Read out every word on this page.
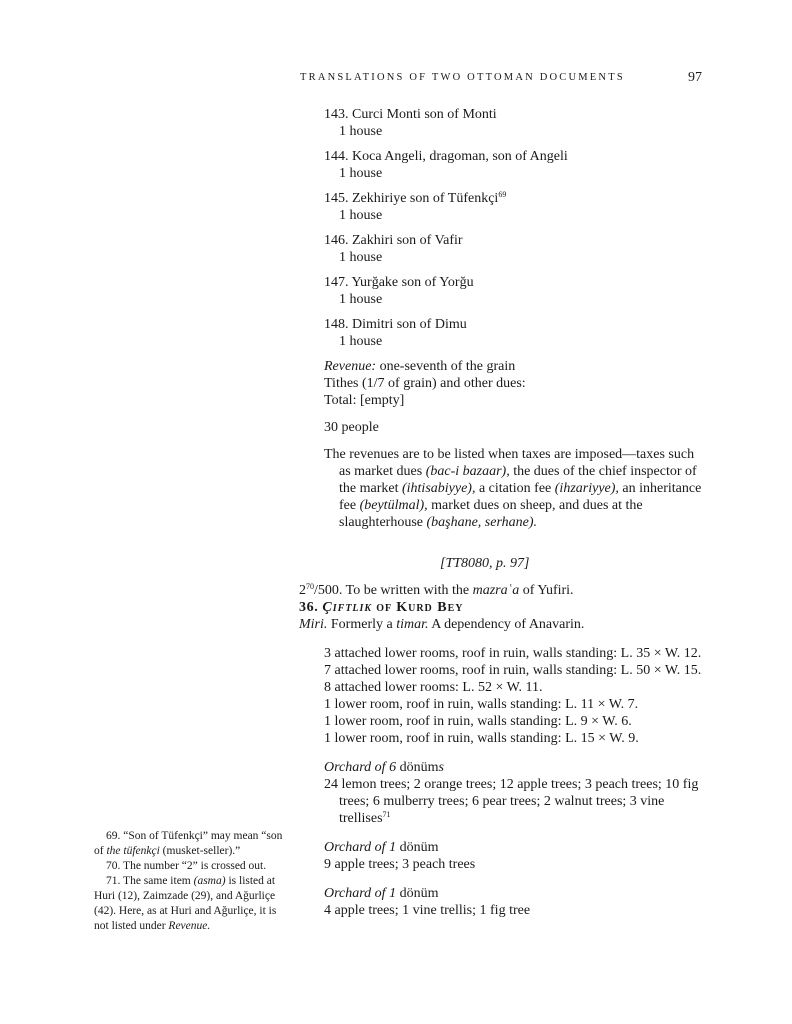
TRANSLATIONS OF TWO OTTOMAN DOCUMENTS	97
143. Curci Monti son of Monti
1 house
144. Koca Angeli, dragoman, son of Angeli
1 house
145. Zekhiriye son of Tüfenkçi$^{69}$
1 house
146. Zakhiri son of Vafir
1 house
147. Yurğake son of Yorğu
1 house
148. Dimitri son of Dimu
1 house
Revenue: one-seventh of the grain
Tithes (1/7 of grain) and other dues:
Total: [empty]
30 people

The revenues are to be listed when taxes are imposed—taxes such as market dues (bac-i bazaar), the dues of the chief inspector of the market (ihtisabiyye), a citation fee (ihzariyye), an inheritance fee (beytülmal), market dues on sheep, and dues at the slaughterhouse (başhane, serhane).

[TT8080, p. 97]
$2^{70}/500$. To be written with the mazraʿa of Yufiri.
36. Çiftlik of Kurd Bey
Miri. Formerly a timar. A dependency of Anavarin.

3 attached lower rooms, roof in ruin, walls standing: L. 35 × W. 12.

7 attached lower rooms, roof in ruin, walls standing: L. 50 × W. 15.

8 attached lower rooms: L. 52 × W. 11.

1 lower room, roof in ruin, walls standing: L. 11 × W. 7.

1 lower room, roof in ruin, walls standing: L. 9 × W. 6.

1 lower room, roof in ruin, walls standing: L. 15 × W. 9.

Orchard of 6 dönüms

24 lemon trees; 2 orange trees; 12 apple trees; 3 peach trees; 10 fig trees; 6 mulberry trees; 6 pear trees; 2 walnut trees; 3 vine trellises$^{71}$

Orchard of 1 dönüm

9 apple trees; 3 peach trees

Orchard of 1 dönüm

4 apple trees; 1 vine trellis; 1 fig tree

69. “Son of Tüfenkçi” may mean “son of the tüfenkçi (musket-seller).”

70. The number “2” is crossed out.

71. The same item (asma) is listed at Huri (12), Zaimzade (29), and Ağurliçe (42). Here, as at Huri and Ağurliçe, it is not listed under Revenue.
